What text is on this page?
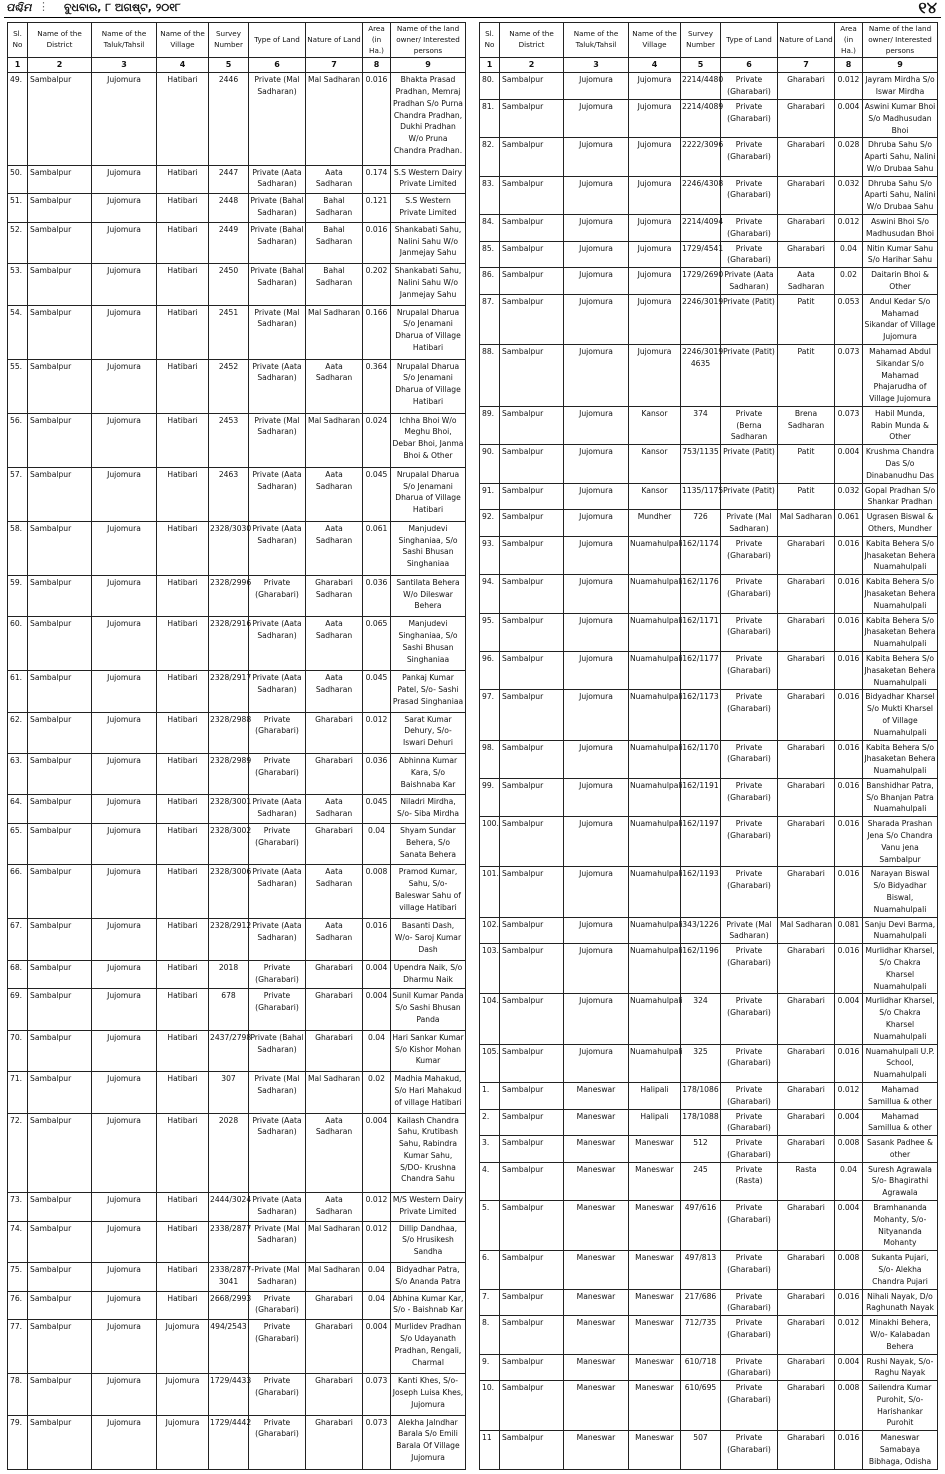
ପଶ୍ଚିମ ⋮ ବୁଧବାର, ୮ ଅଗଷ୍ଟ, ୨୦୧୮	୧୪
Sl. No	Name of the District	Name of the Taluk/Tahsil	Name of the Village	Survey Number	Type of Land	Nature of Land	Area (in Ha.)	Name of the land owner/ Interested persons
1	2	3	4	5	6	7	8	9
49.	Sambalpur	Jujomura	Hatibari	2446	Private (Mal Sadharan)	Mal Sadharan	0.016	Bhakta Prasad Pradhan, Memraj Pradhan S/o Purna Chandra Pradhan, Dukhi Pradhan W/o Pruna Chandra Pradhan.
50.	Sambalpur	Jujomura	Hatibari	2447	Private (Aata Sadharan)	Aata Sadharan	0.174	S.S Western Dairy Private Limited
51.	Sambalpur	Jujomura	Hatibari	2448	Private (Bahal Sadharan)	Bahal Sadharan	0.121	S.S Western Private Limited
52.	Sambalpur	Jujomura	Hatibari	2449	Private (Bahal Sadharan)	Bahal Sadharan	0.016	Shankabati Sahu, Nalini Sahu W/o Janmejay Sahu
53.	Sambalpur	Jujomura	Hatibari	2450	Private (Bahal Sadharan)	Bahal Sadharan	0.202	Shankabati Sahu, Nalini Sahu W/o Janmejay Sahu
54.	Sambalpur	Jujomura	Hatibari	2451	Private (Mal Sadharan)	Mal Sadharan	0.166	Nrupalal Dharua S/o Jenamani Dharua of Village Hatibari
55.	Sambalpur	Jujomura	Hatibari	2452	Private (Aata Sadharan)	Aata Sadharan	0.364	Nrupalal Dharua S/o Jenamani Dharua of Village Hatibari
56.	Sambalpur	Jujomura	Hatibari	2453	Private (Mal Sadharan)	Mal Sadharan	0.024	Ichha Bhoi W/o Meghu Bhoi, Debar Bhoi, Janma Bhoi & Other
57.	Sambalpur	Jujomura	Hatibari	2463	Private (Aata Sadharan)	Aata Sadharan	0.045	Nrupalal Dharua S/o Jenamani Dharua of Village Hatibari
58.	Sambalpur	Jujomura	Hatibari	2328/3030	Private (Aata Sadharan)	Aata Sadharan	0.061	Manjudevi Singhaniaa, S/o Sashi Bhusan Singhaniaa
59.	Sambalpur	Jujomura	Hatibari	2328/2996	Private (Gharabari)	Gharabari Sadharan	0.036	Santilata Behera W/o Dileswar Behera
60.	Sambalpur	Jujomura	Hatibari	2328/2916	Private (Aata Sadharan)	Aata Sadharan	0.065	Manjudevi Singhaniaa, S/o Sashi Bhusan Singhaniaa
61.	Sambalpur	Jujomura	Hatibari	2328/2917	Private (Aata Sadharan)	Aata Sadharan	0.045	Pankaj Kumar Patel, S/o- Sashi Prasad Singhaniaa
62.	Sambalpur	Jujomura	Hatibari	2328/2988	Private (Gharabari)	Gharabari	0.012	Sarat Kumar Dehury, S/o- Iswari Dehuri
63.	Sambalpur	Jujomura	Hatibari	2328/2989	Private (Gharabari)	Gharabari	0.036	Abhinna Kumar Kara, S/o Baishnaba Kar
64.	Sambalpur	Jujomura	Hatibari	2328/3001	Private (Aata Sadharan)	Aata Sadharan	0.045	Niladri Mirdha, S/o- Siba Mirdha
65.	Sambalpur	Jujomura	Hatibari	2328/3002	Private (Gharabari)	Gharabari	0.04	Shyam Sundar Behera, S/o Sanata Behera
66.	Sambalpur	Jujomura	Hatibari	2328/3006	Private (Aata Sadharan)	Aata Sadharan	0.008	Pramod Kumar, Sahu, S/o- Baleswar Sahu of village Hatibari
67.	Sambalpur	Jujomura	Hatibari	2328/2912	Private (Aata Sadharan)	Aata Sadharan	0.016	Basanti Dash, W/o- Saroj Kumar Dash
68.	Sambalpur	Jujomura	Hatibari	2018	Private (Gharabari)	Gharabari	0.004	Upendra Naik, S/o Dharmu Naik
69.	Sambalpur	Jujomura	Hatibari	678	Private (Gharabari)	Gharabari	0.004	Sunil Kumar Panda S/o Sashi Bhusan Panda
70.	Sambalpur	Jujomura	Hatibari	2437/2798	Private (Bahal Sadharan)	Gharabari	0.04	Hari Sankar Kumar S/o Kishor Mohan Kumar
71.	Sambalpur	Jujomura	Hatibari	307	Private (Mal Sadharan)	Mal Sadharan	0.02	Madhia Mahakud, S/o Hari Mahakud of village Hatibari
72.	Sambalpur	Jujomura	Hatibari	2028	Private (Aata Sadharan)	Aata Sadharan	0.004	Kailash Chandra Sahu, Krutibash Sahu, Rabindra Kumar Sahu, S/DO- Krushna Chandra Sahu
73.	Sambalpur	Jujomura	Hatibari	2444/3024	Private (Aata Sadharan)	Aata Sadharan	0.012	M/S Western Dairy Private Limited
74.	Sambalpur	Jujomura	Hatibari	2338/2877	Private (Mal Sadharan)	Mal Sadharan	0.012	Dillip Dandhaa, S/o Hrusikesh Sandha
75.	Sambalpur	Jujomura	Hatibari	2338/2877-3041	Private (Mal Sadharan)	Mal Sadharan	0.04	Bidyadhar Patra, S/o Ananda Patra
76.	Sambalpur	Jujomura	Hatibari	2668/2993	Private (Gharabari)	Gharabari	0.04	Abhina Kumar Kar, S/o - Baishnab Kar
77.	Sambalpur	Jujomura	Jujomura	494/2543	Private (Gharabari)	Gharabari	0.004	Murlidev Pradhan S/o Udayanath Pradhan, Rengali, Charmal
78.	Sambalpur	Jujomura	Jujomura	1729/4433	Private (Gharabari)	Gharabari	0.073	Kanti Khes, S/o- Joseph Luisa Khes, Jujomura
79.	Sambalpur	Jujomura	Jujomura	1729/4442	Private (Gharabari)	Gharabari	0.073	Alekha Jalndhar Barala S/o Emili Barala Of Village Jujomura
Sl. No	Name of the District	Name of the Taluk/Tahsil	Name of the Village	Survey Number	Type of Land	Nature of Land	Area (in Ha.)	Name of the land owner/ Interested persons
1	2	3	4	5	6	7	8	9
80.	Sambalpur	Jujomura	Jujomura	2214/4480	Private (Gharabari)	Gharabari	0.012	Jayram Mirdha S/o Iswar Mirdha
81.	Sambalpur	Jujomura	Jujomura	2214/4089	Private (Gharabari)	Gharabari	0.004	Aswini Kumar Bhoi S/o Madhusudan Bhoi
82.	Sambalpur	Jujomura	Jujomura	2222/3096	Private (Gharabari)	Gharabari	0.028	Dhruba Sahu S/o Aparti Sahu, Nalini W/o Drubaa Sahu
83.	Sambalpur	Jujomura	Jujomura	2246/4308	Private (Gharabari)	Gharabari	0.032	Dhruba Sahu S/o Aparti Sahu, Nalini W/o Drubaa Sahu
84.	Sambalpur	Jujomura	Jujomura	2214/4094	Private (Gharabari)	Gharabari	0.012	Aswini Bhoi S/o Madhusudan Bhoi
85.	Sambalpur	Jujomura	Jujomura	1729/4541	Private (Gharabari)	Gharabari	0.04	Nitin Kumar Sahu S/o Harihar Sahu
86.	Sambalpur	Jujomura	Jujomura	1729/2690	Private (Aata Sadharan)	Aata Sadharan	0.02	Daitarin Bhoi & Other
87.	Sambalpur	Jujomura	Jujomura	2246/3019	Private (Patit)	Patit	0.053	Andul Kedar S/o Mahamad Sikandar of Village Jujomura
88.	Sambalpur	Jujomura	Jujomura	2246/3019 4635	Private (Patit)	Patit	0.073	Mahamad Abdul Sikandar S/o Mahamad Phajarudha of Village Jujomura
89.	Sambalpur	Jujomura	Kansor	374	Private (Berna Sadharan	Brena Sadharan	0.073	Habil Munda, Rabin Munda & Other
90.	Sambalpur	Jujomura	Kansor	753/1135	Private (Patit)	Patit	0.004	Krushma Chandra Das S/o Dinabanudhu Das
91.	Sambalpur	Jujomura	Kansor	1135/1175	Private (Patit)	Patit	0.032	Gopal Pradhan S/o Shankar Pradhan
92.	Sambalpur	Jujomura	Mundher	726	Private (Mal Sadharan)	Mal Sadharan	0.061	Ugrasen Biswal & Others, Mundher
93.	Sambalpur	Jujomura	Nuamahulpali	162/1174	Private (Gharabari)	Gharabari	0.016	Kabita Behera S/o Jhasaketan Behera Nuamahulpali
94.	Sambalpur	Jujomura	Nuamahulpali	162/1176	Private (Gharabari)	Gharabari	0.016	Kabita Behera S/o Jhasaketan Behera Nuamahulpali
95.	Sambalpur	Jujomura	Nuamahulpali	162/1171	Private (Gharabari)	Gharabari	0.016	Kabita Behera S/o Jhasaketan Behera Nuamahulpali
96.	Sambalpur	Jujomura	Nuamahulpali	162/1177	Private (Gharabari)	Gharabari	0.016	Kabita Behera S/o Jhasaketan Behera Nuamahulpali
97.	Sambalpur	Jujomura	Nuamahulpali	162/1173	Private (Gharabari)	Gharabari	0.016	Bidyadhar Kharsel S/o Mukti Kharsel of Village Nuamahulpali
98.	Sambalpur	Jujomura	Nuamahulpali	162/1170	Private (Gharabari)	Gharabari	0.016	Kabita Behera S/o Jhasaketan Behera Nuamahulpali
99.	Sambalpur	Jujomura	Nuamahulpali	162/1191	Private (Gharabari)	Gharabari	0.016	Banshidhar Patra, S/o Bhanjan Patra Nuamahulpali
100.	Sambalpur	Jujomura	Nuamahulpali	162/1197	Private (Gharabari)	Gharabari	0.016	Sharada Prashan Jena S/o Chandra Vanu jena Sambalpur
101.	Sambalpur	Jujomura	Nuamahulpali	162/1193	Private (Gharabari)	Gharabari	0.016	Narayan Biswal S/o Bidyadhar Biswal, Nuamahulpali
102.	Sambalpur	Jujomura	Nuamahulpali	343/1226	Private (Mal Sadharan)	Mal Sadharan	0.081	Sanju Devi Barma, Nuamahulpali
103.	Sambalpur	Jujomura	Nuamahulpali	162/1196	Private (Gharabari)	Gharabari	0.016	Murlidhar Kharsel, S/o Chakra Kharsel Nuamahulpali
104.	Sambalpur	Jujomura	Nuamahulpali	324	Private (Gharabari)	Gharabari	0.004	Murlidhar Kharsel, S/o Chakra Kharsel Nuamahulpali
105.	Sambalpur	Jujomura	Nuamahulpali	325	Private (Gharabari)	Gharabari	0.016	Nuamahulpali U.P. School, Nuamahulpali
1.	Sambalpur	Maneswar	Halipali	178/1086	Private (Gharabari)	Gharabari	0.012	Mahamad Samillua & other
2.	Sambalpur	Maneswar	Halipali	178/1088	Private (Gharabari)	Gharabari	0.004	Mahamad Samillua & other
3.	Sambalpur	Maneswar	Maneswar	512	Private (Gharabari)	Gharabari	0.008	Sasank Padhee & other
4.	Sambalpur	Maneswar	Maneswar	245	Private (Rasta)	Rasta	0.04	Suresh Agrawala S/o- Bhagirathi Agrawala
5.	Sambalpur	Maneswar	Maneswar	497/616	Private (Gharabari)	Gharabari	0.004	Bramhananda Mohanty, S/o- Nityananda Mohanty
6.	Sambalpur	Maneswar	Maneswar	497/813	Private (Gharabari)	Gharabari	0.008	Sukanta Pujari, S/o- Alekha Chandra Pujari
7.	Sambalpur	Maneswar	Maneswar	217/686	Private (Gharabari)	Gharabari	0.016	Nihali Nayak, D/o Raghunath Nayak
8.	Sambalpur	Maneswar	Maneswar	712/735	Private (Gharabari)	Gharabari	0.012	Minakhi Behera, W/o- Kalabadan Behera
9.	Sambalpur	Maneswar	Maneswar	610/718	Private (Gharabari)	Gharabari	0.004	Rushi Nayak, S/o- Raghu Nayak
10.	Sambalpur	Maneswar	Maneswar	610/695	Private (Gharabari)	Gharabari	0.008	Sailendra Kumar Purohit, S/o- Harishankar Purohit
11	Sambalpur	Maneswar	Maneswar	507	Private (Gharabari)	Gharabari	0.016	Maneswar Samabaya Bibhaga, Odisha
